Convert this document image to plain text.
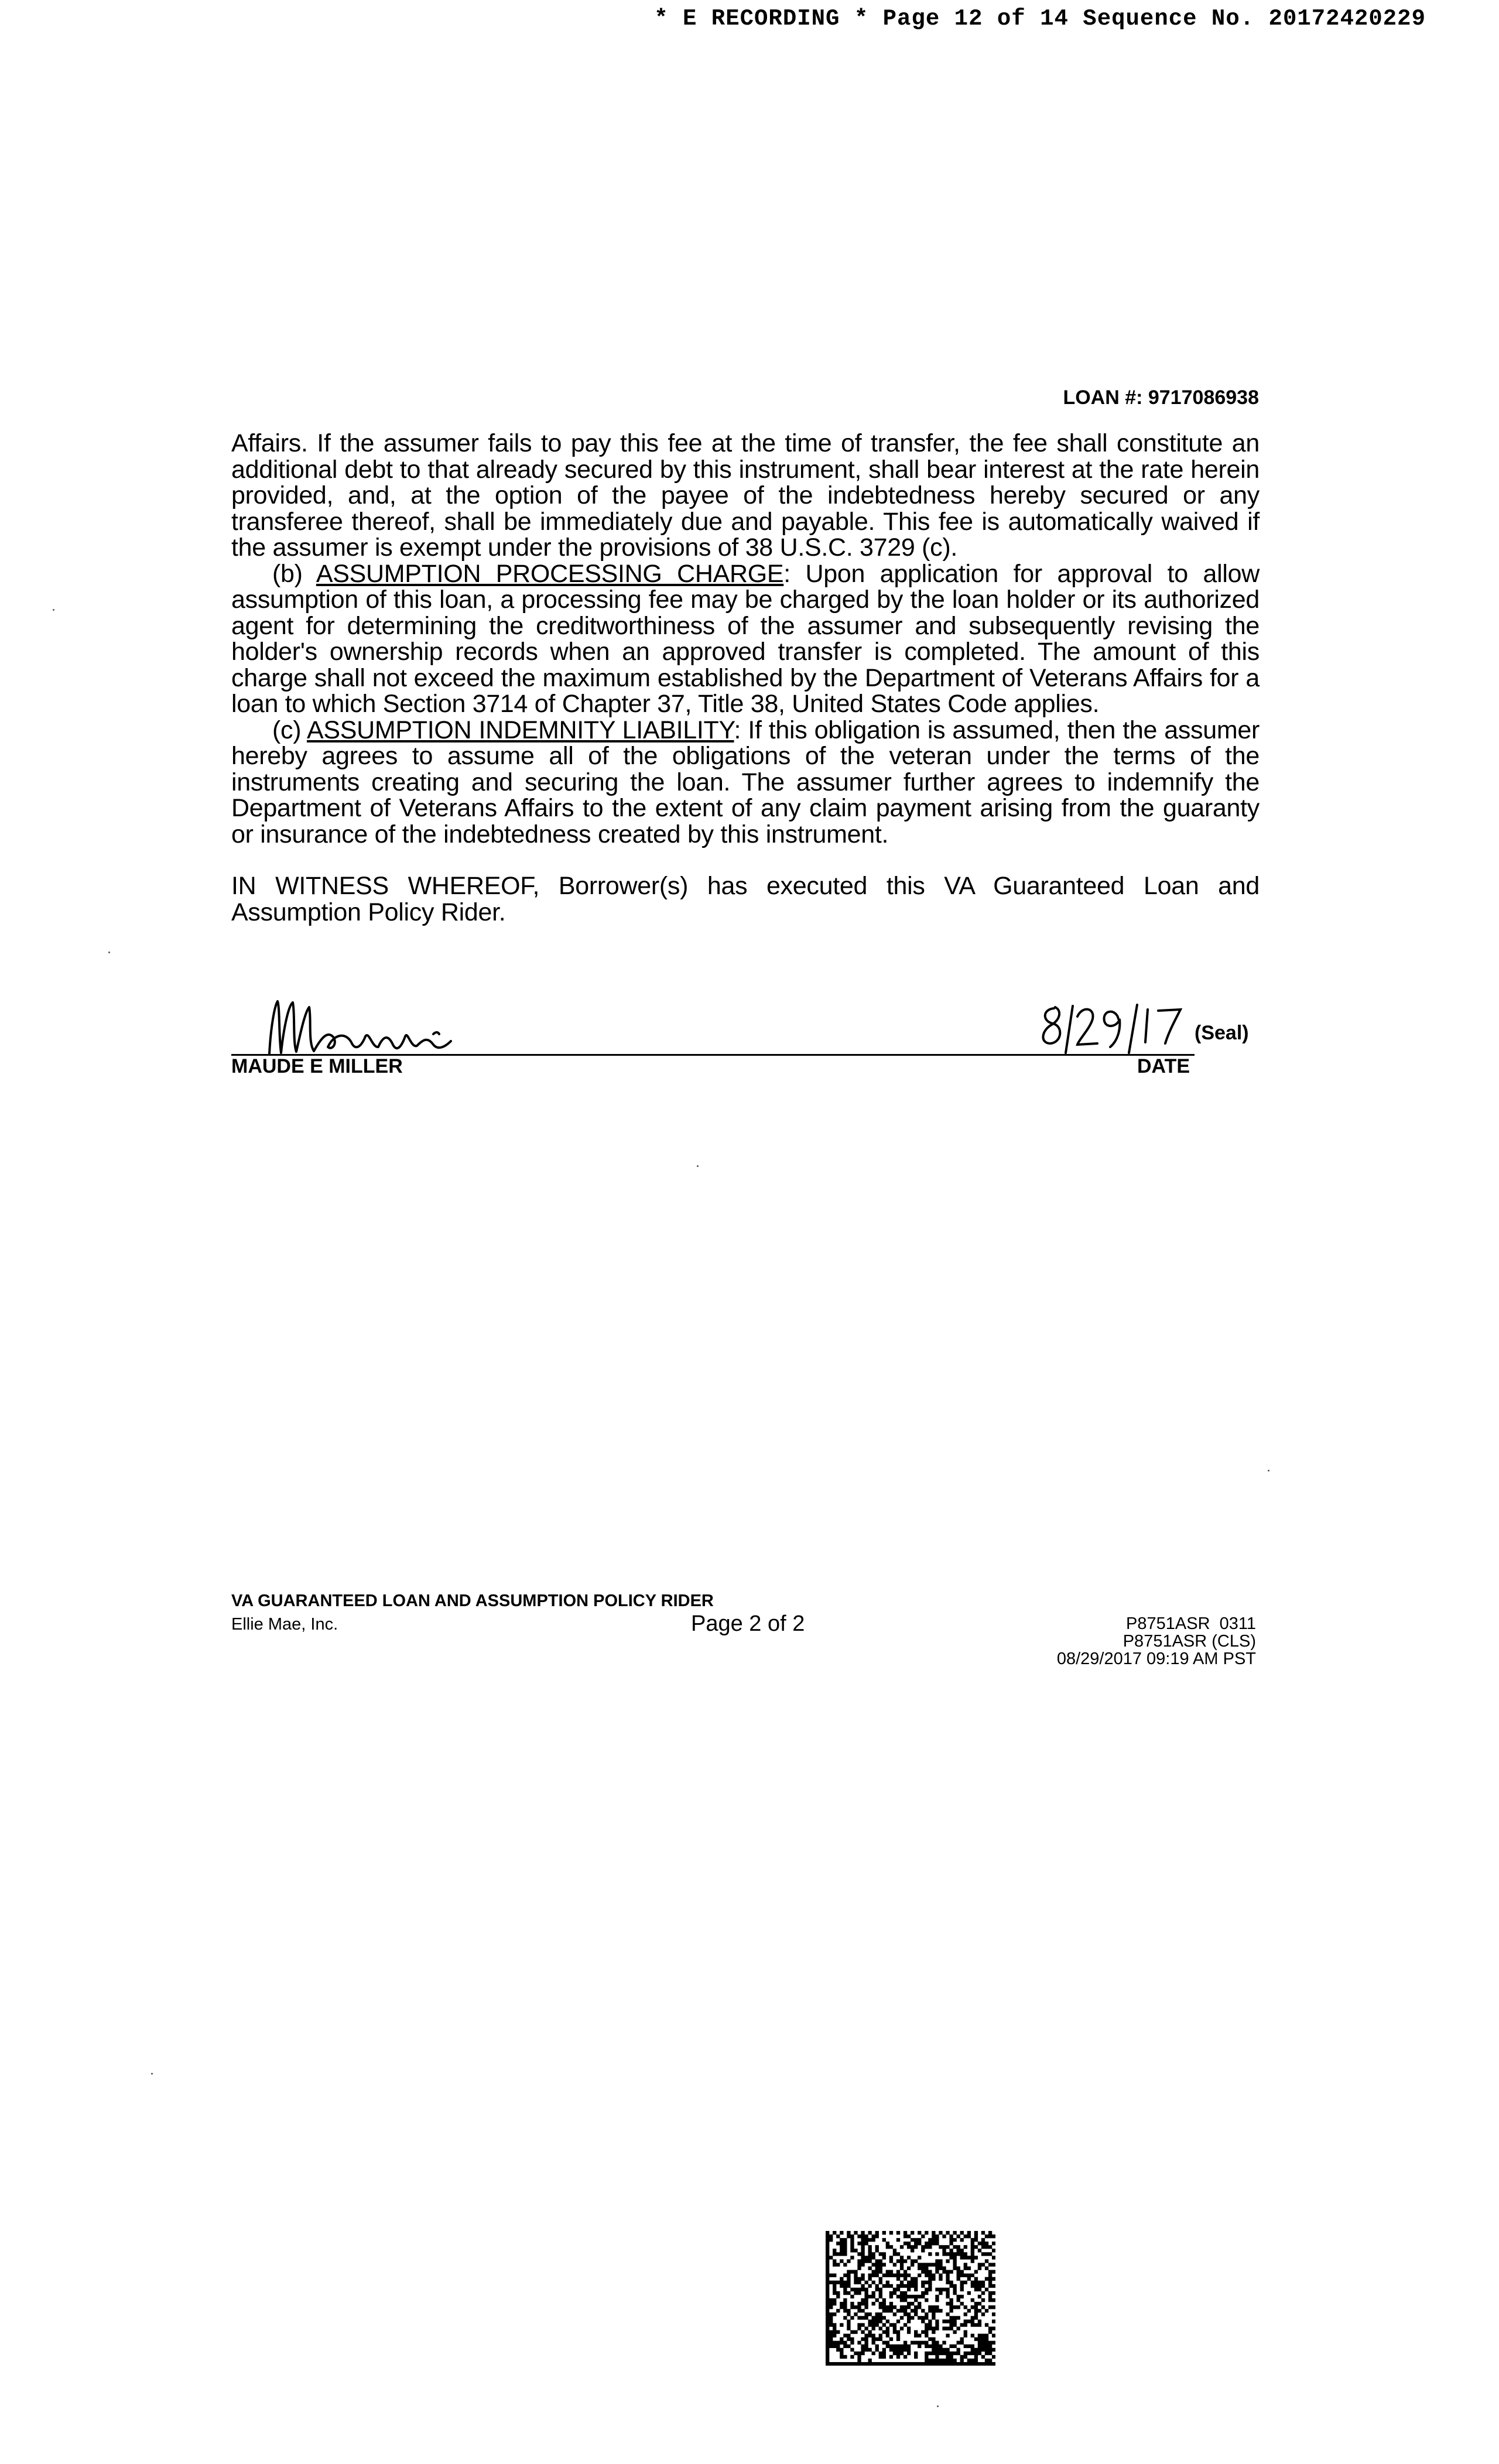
* E RECORDING * Page 12 of 14 Sequence No. 20172420229
LOAN #: 9717086938

Affairs. If the assumer fails to pay this fee at the time of transfer, the fee shall constitute an additional debt to that already secured by this instrument, shall bear interest at the rate herein provided, and, at the option of the payee of the indebtedness hereby secured or any transferee thereof, shall be immediately due and payable. This fee is automatically waived if the assumer is exempt under the provisions of 38 U.S.C. 3729 (c).

(b) ASSUMPTION PROCESSING CHARGE: Upon application for approval to allow assumption of this loan, a processing fee may be charged by the loan holder or its authorized agent for determining the creditworthiness of the assumer and subsequently revising the holder's ownership records when an approved transfer is completed. The amount of this charge shall not exceed the maximum established by the Department of Veterans Affairs for a loan to which Section 3714 of Chapter 37, Title 38, United States Code applies.

(c) ASSUMPTION INDEMNITY LIABILITY: If this obligation is assumed, then the assumer hereby agrees to assume all of the obligations of the veteran under the terms of the instruments creating and securing the loan. The assumer further agrees to indemnify the Department of Veterans Affairs to the extent of any claim payment arising from the guaranty or insurance of the indebtedness created by this instrument.

IN WITNESS WHEREOF, Borrower(s) has executed this VA Guaranteed Loan and Assumption Policy Rider.

(Seal)
MAUDE E MILLER	DATE
VA GUARANTEED LOAN AND ASSUMPTION POLICY RIDER
Ellie Mae, Inc.	Page 2 of 2	P8751ASR  0311
P8751ASR (CLS)
08/29/2017 09:19 AM PST
